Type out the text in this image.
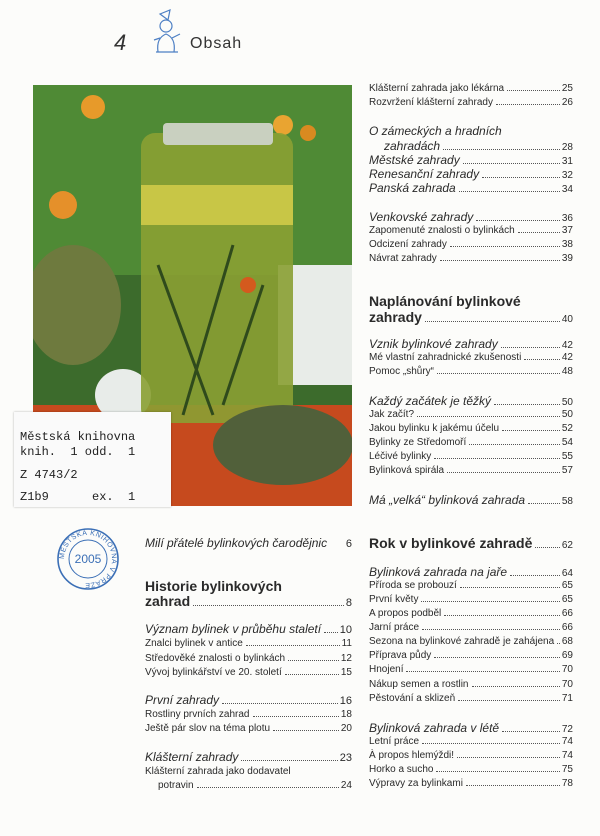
4	Obsah
Městská knihovna
knih.  1 odd.  1
Z 4743/2
Z1b9      ex.  1
MĚSTSKÁ KNIHOVNA V PRAZE
2005
Milí přátelé bylinkových čarodějnic 6
Historie bylinkových
zahrad	8
Význam bylinek v průběhu staletí 10
Znalci bylinek v antice	11
Středověké znalosti o bylinkách	12
Vývoj bylinkářství ve 20. století	15
První zahrady	16
Rostliny prvních zahrad	18
Ještě pár slov na téma plotu	20
Klášterní zahrady	23
Klášterní zahrada jako dodavatel
potravin	24
Klášterní zahrada jako lékárna	25
Rozvržení klášterní zahrady	26
O zámeckých a hradních
zahradách	28
Městské zahrady	31
Renesanční zahrady	32
Panská zahrada	34
Venkovské zahrady	36
Zapomenuté znalosti o bylinkách	37
Odcizení zahrady	38
Návrat zahrady	39
Naplánování bylinkové
zahrady	40
Vznik bylinkové zahrady	42
Mé vlastní zahradnické zkušenosti	42
Pomoc „shůry“	48
Každý začátek je těžký	50
Jak začít?	50
Jakou bylinku k jakému účelu	52
Bylinky ze Středomoří	54
Léčivé bylinky	55
Bylinková spirála	57
Má „velká“ bylinková zahrada	58
Rok v bylinkové zahradě	62
Bylinková zahrada na jaře	64
Příroda se probouzí	65
První květy	65
A propos podběl	66
Jarní práce	66
Sezona na bylinkové zahradě je zahájena 68
Příprava půdy	69
Hnojení	70
Nákup semen a rostlin	70
Pěstování a sklizeň	71
Bylinková zahrada v létě	72
Letní práce	74
À propos hlemýždi!	74
Horko a sucho	75
Výpravy za bylinkami	78
